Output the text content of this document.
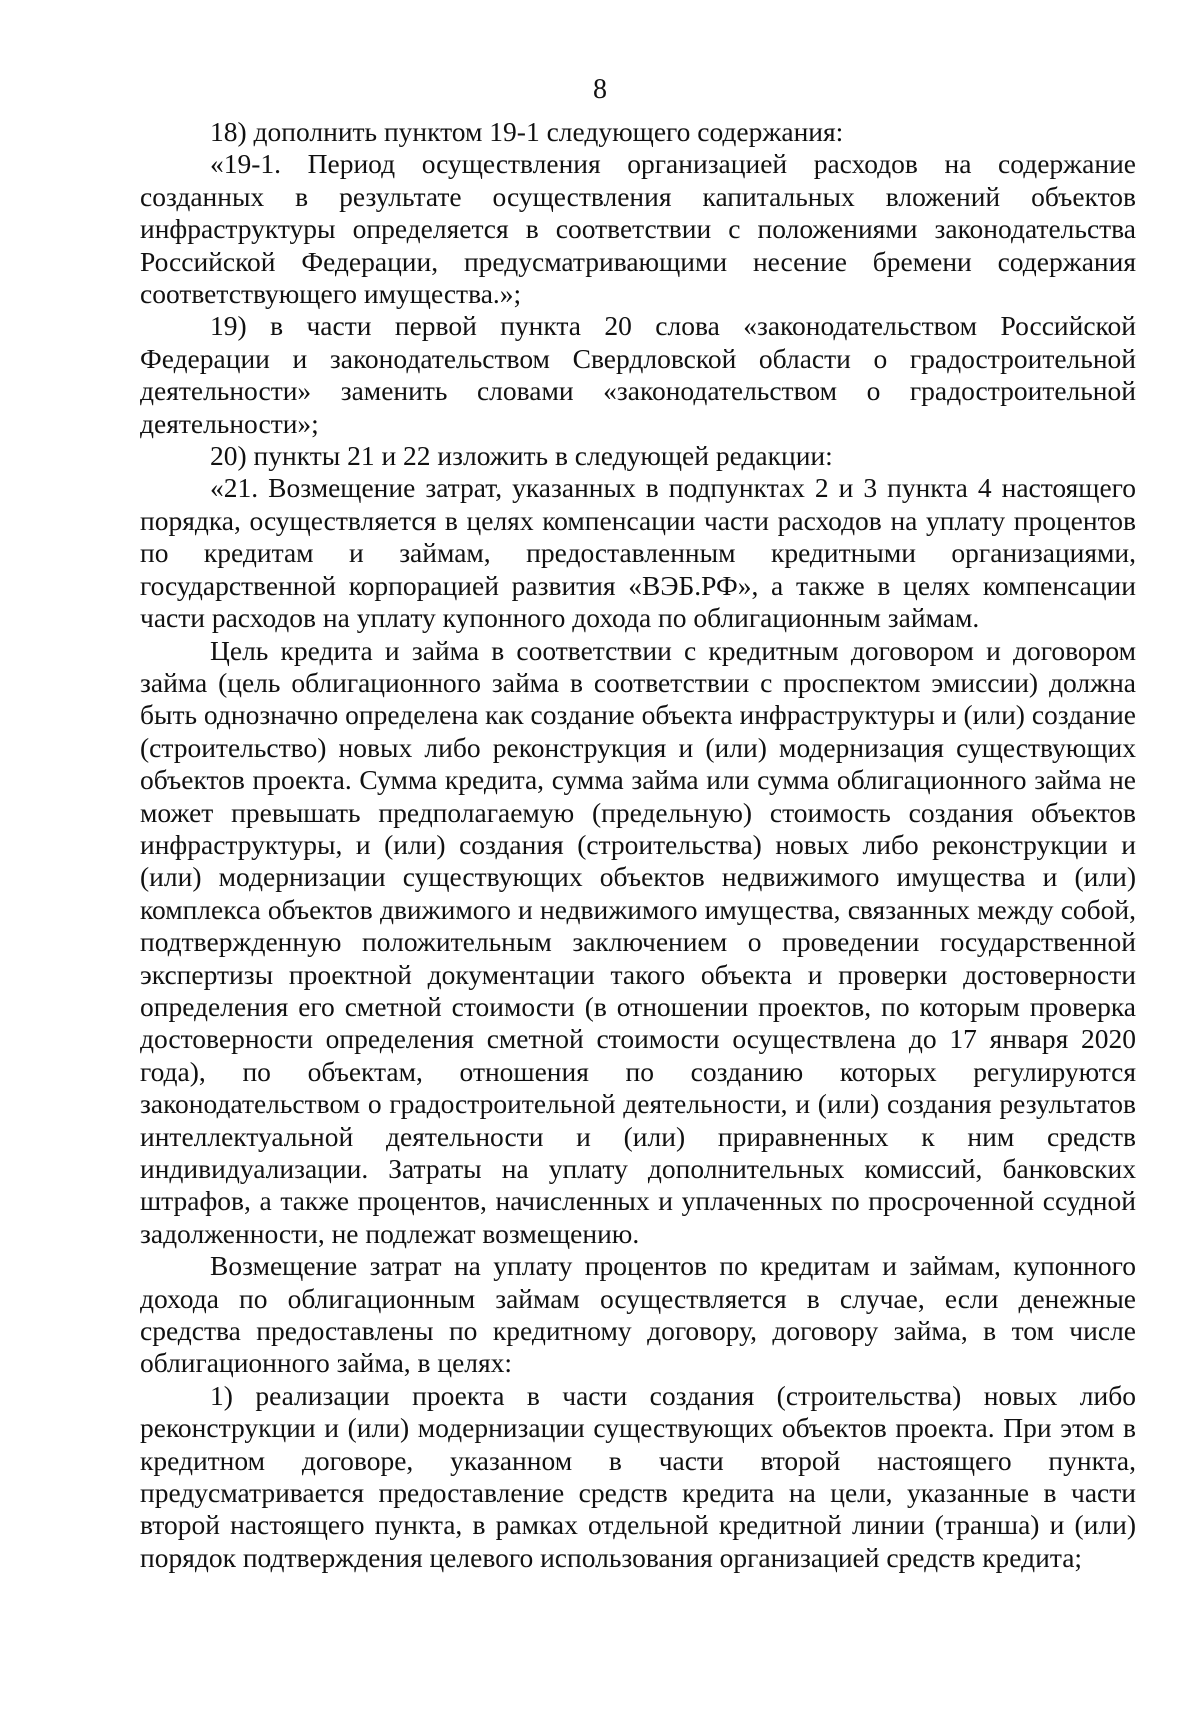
8

18) дополнить пунктом 19-1 следующего содержания:

«19-1. Период осуществления организацией расходов на содержание созданных в результате осуществления капитальных вложений объектов инфраструктуры определяется в соответствии с положениями законодательства Российской Федерации, предусматривающими несение бремени содержания соответствующего имущества.»;

19) в части первой пункта 20 слова «законодательством Российской Федерации и законодательством Свердловской области о градостроительной деятельности» заменить словами «законодательством о градостроительной деятельности»;

20) пункты 21 и 22 изложить в следующей редакции:

«21. Возмещение затрат, указанных в подпунктах 2 и 3 пункта 4 настоящего порядка, осуществляется в целях компенсации части расходов на уплату процентов по кредитам и займам, предоставленным кредитными организациями, государственной корпорацией развития «ВЭБ.РФ», а также в целях компенсации части расходов на уплату купонного дохода по облигационным займам.

Цель кредита и займа в соответствии с кредитным договором и договором займа (цель облигационного займа в соответствии с проспектом эмиссии) должна быть однозначно определена как создание объекта инфраструктуры и (или) создание (строительство) новых либо реконструкция и (или) модернизация существующих объектов проекта. Сумма кредита, сумма займа или сумма облигационного займа не может превышать предполагаемую (предельную) стоимость создания объектов инфраструктуры, и (или) создания (строительства) новых либо реконструкции и (или) модернизации существующих объектов недвижимого имущества и (или) комплекса объектов движимого и недвижимого имущества, связанных между собой, подтвержденную положительным заключением о проведении государственной экспертизы проектной документации такого объекта и проверки достоверности определения его сметной стоимости (в отношении проектов, по которым проверка достоверности определения сметной стоимости осуществлена до 17 января 2020 года), по объектам, отношения по созданию которых регулируются законодательством о градостроительной деятельности, и (или) создания результатов интеллектуальной деятельности и (или) приравненных к ним средств индивидуализации. Затраты на уплату дополнительных комиссий, банковских штрафов, а также процентов, начисленных и уплаченных по просроченной ссудной задолженности, не подлежат возмещению.

Возмещение затрат на уплату процентов по кредитам и займам, купонного дохода по облигационным займам осуществляется в случае, если денежные средства предоставлены по кредитному договору, договору займа, в том числе облигационного займа, в целях:

1) реализации проекта в части создания (строительства) новых либо реконструкции и (или) модернизации существующих объектов проекта. При этом в кредитном договоре, указанном в части второй настоящего пункта, предусматривается предоставление средств кредита на цели, указанные в части второй настоящего пункта, в рамках отдельной кредитной линии (транша) и (или) порядок подтверждения целевого использования организацией средств кредита;
